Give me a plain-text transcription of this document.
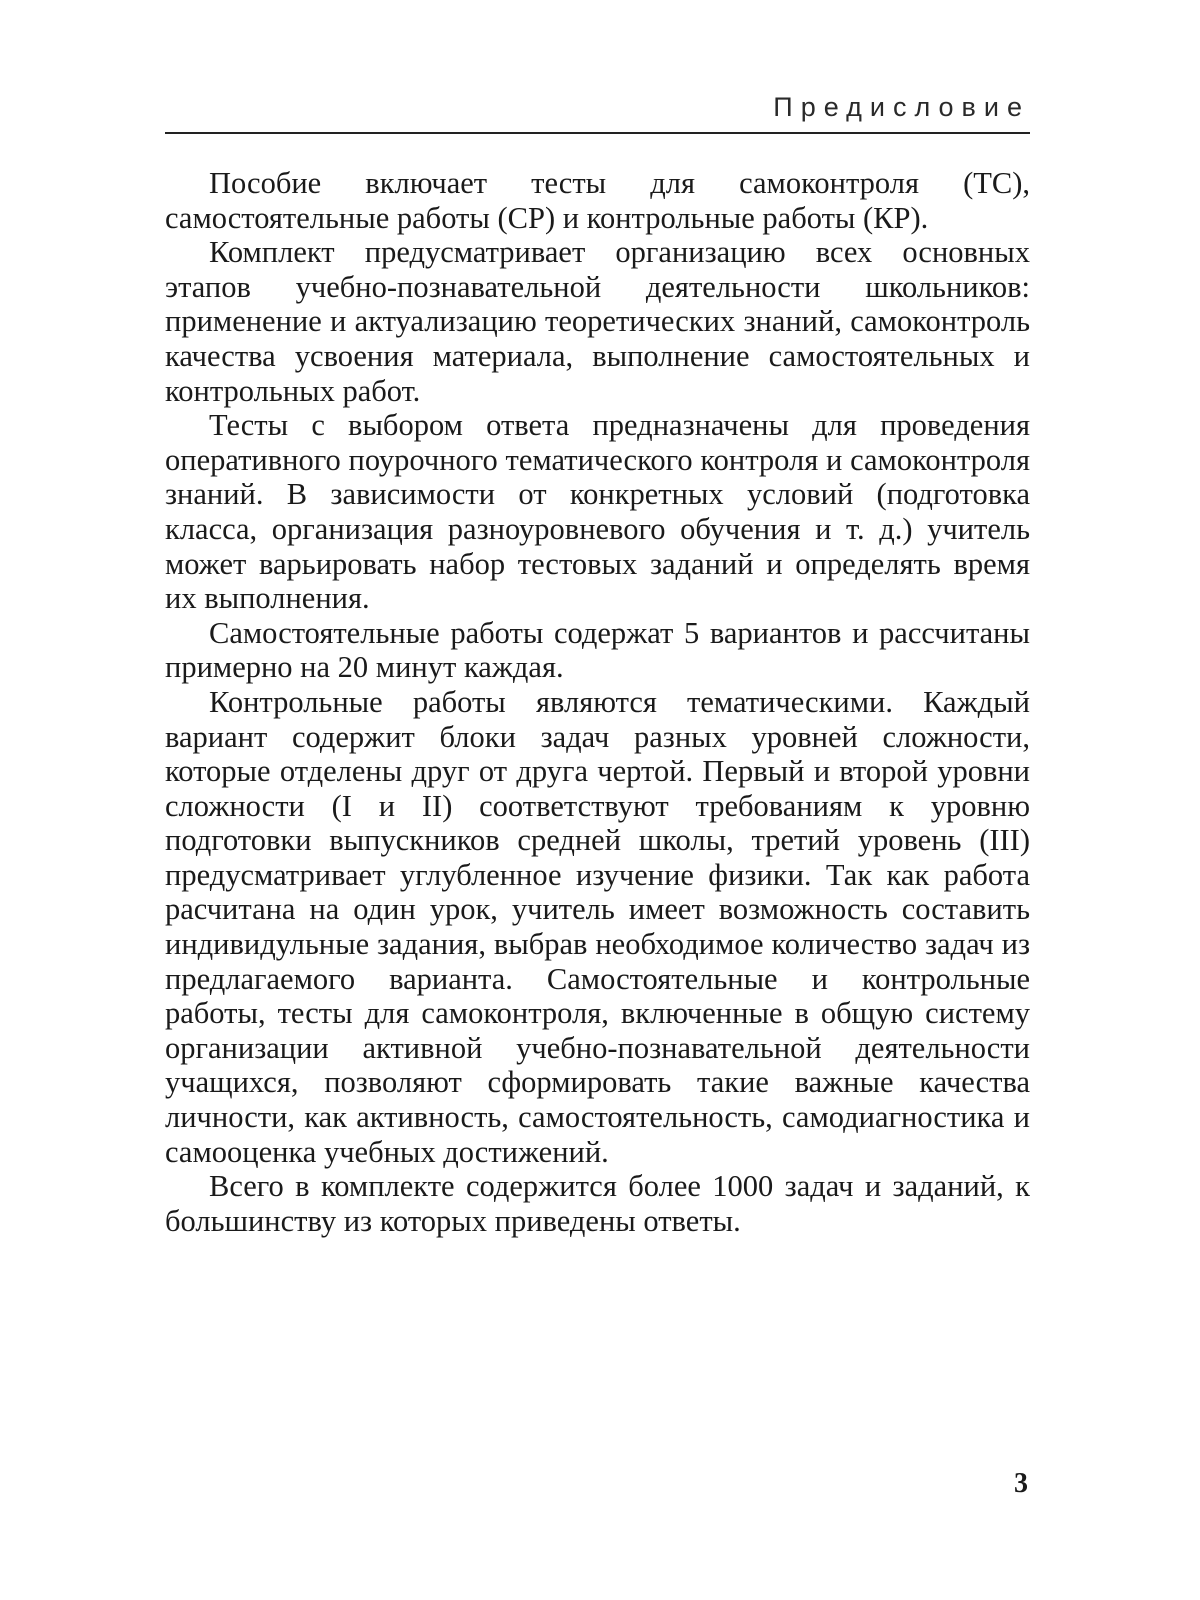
Предисловие

Пособие включает тесты для самоконтроля (ТС), самостоятельные работы (СР) и контрольные работы (КР).

Комплект предусматривает организацию всех основных этапов учебно-познавательной деятельности школьников: применение и актуализацию теоретических знаний, самоконтроль качества усвоения материала, выполнение самостоятельных и контрольных работ.

Тесты с выбором ответа предназначены для проведения оперативного поурочного тематического контроля и самоконтроля знаний. В зависимости от конкретных условий (подготовка класса, организация разноуровневого обучения и т. д.) учитель может варьировать набор тестовых заданий и определять время их выполнения.

Самостоятельные работы содержат 5 вариантов и рассчитаны примерно на 20 минут каждая.

Контрольные работы являются тематическими. Каждый вариант содержит блоки задач разных уровней сложности, которые отделены друг от друга чертой. Первый и второй уровни сложности (I и II) соответствуют требованиям к уровню подготовки выпускников средней школы, третий уровень (III) предусматривает углубленное изучение физики. Так как работа расчитана на один урок, учитель имеет возможность составить индивидульные задания, выбрав необходимое количество задач из предлагаемого варианта. Самостоятельные и контрольные работы, тесты для самоконтроля, включенные в общую систему организации активной учебно-познавательной деятельности учащихся, позволяют сформировать такие важные качества личности, как активность, самостоятельность, самодиагностика и самооценка учебных достижений.

Всего в комплекте содержится более 1000 задач и заданий, к большинству из которых приведены ответы.

3
